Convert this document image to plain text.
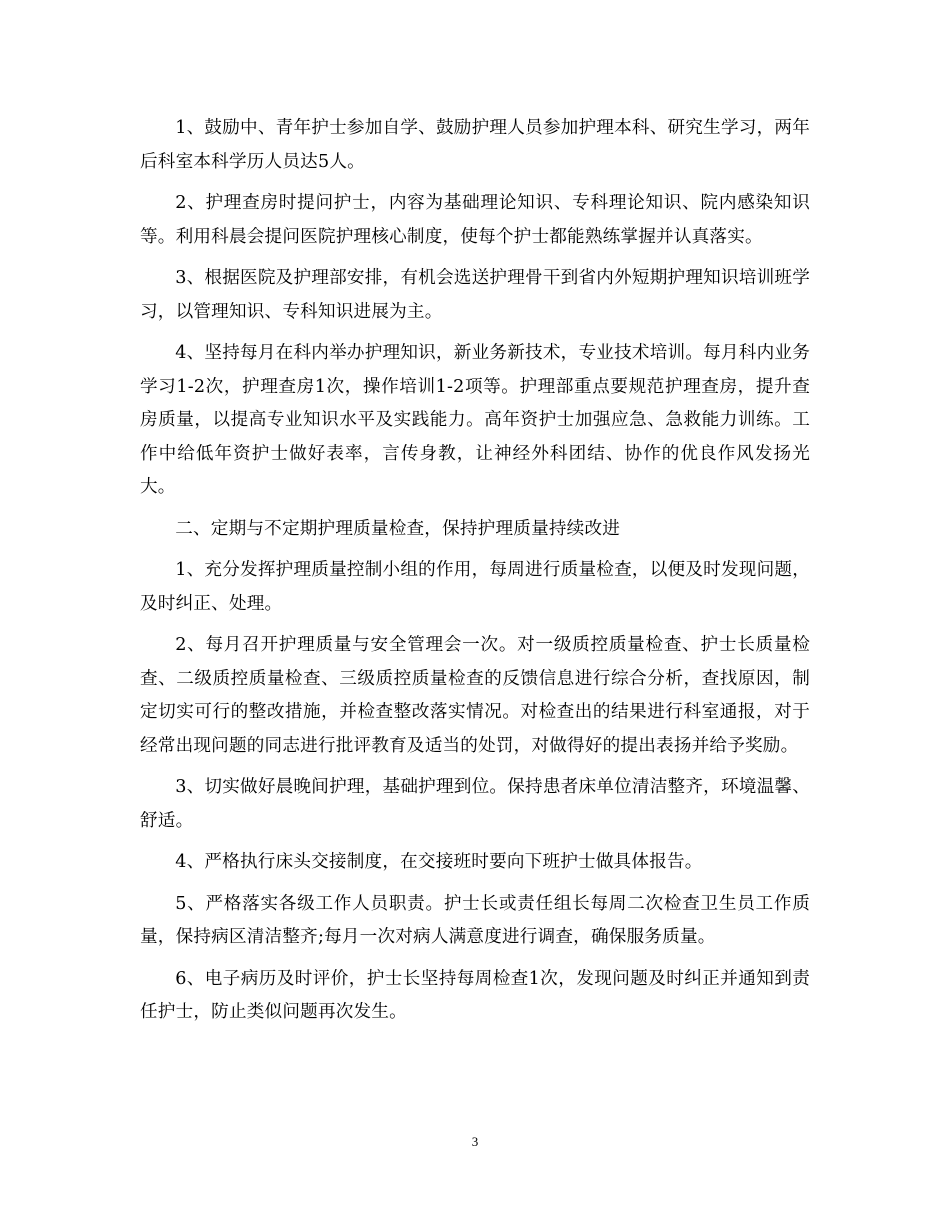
1、鼓励中、青年护士参加自学、鼓励护理人员参加护理本科、研究生学习，两年后科室本科学历人员达5人。

2、护理查房时提问护士，内容为基础理论知识、专科理论知识、院内感染知识等。利用科晨会提问医院护理核心制度，使每个护士都能熟练掌握并认真落实。

3、根据医院及护理部安排，有机会选送护理骨干到省内外短期护理知识培训班学习，以管理知识、专科知识进展为主。

4、坚持每月在科内举办护理知识，新业务新技术，专业技术培训。每月科内业务学习1-2次，护理查房1次，操作培训1-2项等。护理部重点要规范护理查房，提升查房质量，以提高专业知识水平及实践能力。高年资护士加强应急、急救能力训练。工作中给低年资护士做好表率，言传身教，让神经外科团结、协作的优良作风发扬光大。

二、定期与不定期护理质量检查，保持护理质量持续改进

1、充分发挥护理质量控制小组的作用，每周进行质量检查，以便及时发现问题，及时纠正、处理。

2、每月召开护理质量与安全管理会一次。对一级质控质量检查、护士长质量检查、二级质控质量检查、三级质控质量检查的反馈信息进行综合分析，查找原因，制定切实可行的整改措施，并检查整改落实情况。对检查出的结果进行科室通报，对于经常出现问题的同志进行批评教育及适当的处罚，对做得好的提出表扬并给予奖励。

3、切实做好晨晚间护理，基础护理到位。保持患者床单位清洁整齐，环境温馨、舒适。

4、严格执行床头交接制度，在交接班时要向下班护士做具体报告。

5、严格落实各级工作人员职责。护士长或责任组长每周二次检查卫生员工作质量，保持病区清洁整齐;每月一次对病人满意度进行调查，确保服务质量。

6、电子病历及时评价，护士长坚持每周检查1次，发现问题及时纠正并通知到责任护士，防止类似问题再次发生。

3
